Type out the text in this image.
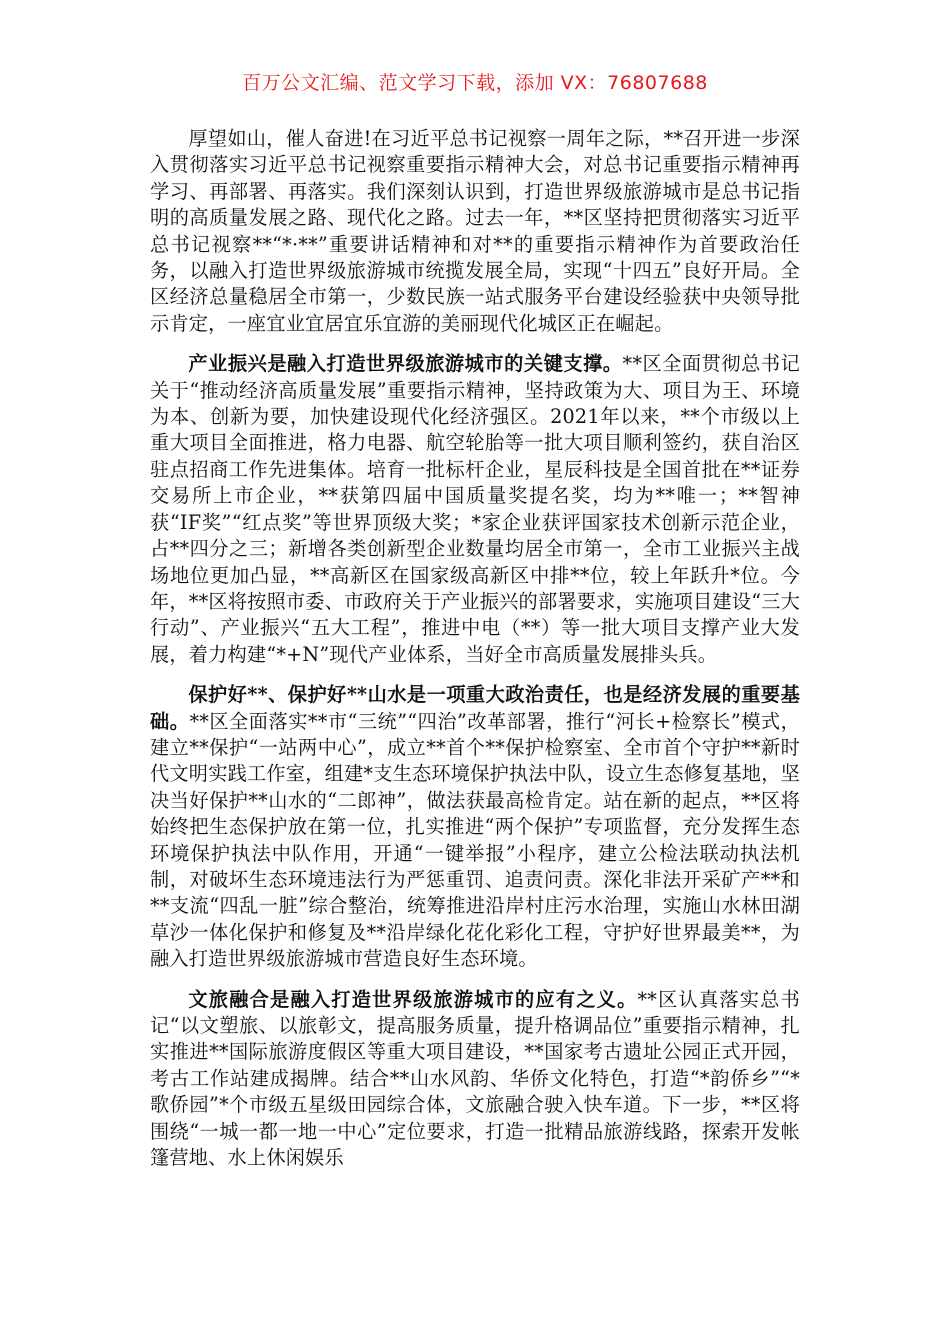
百万公文汇编、范文学习下载，添加 VX：76807688

厚望如山，催人奋进!在习近平总书记视察一周年之际，**召开进一步深入贯彻落实习近平总书记视察重要指示精神大会，对总书记重要指示精神再学习、再部署、再落实。我们深刻认识到，打造世界级旅游城市是总书记指明的高质量发展之路、现代化之路。过去一年，**区坚持把贯彻落实习近平总书记视察**“*·**”重要讲话精神和对**的重要指示精神作为首要政治任务，以融入打造世界级旅游城市统揽发展全局，实现“十四五”良好开局。全区经济总量稳居全市第一，少数民族一站式服务平台建设经验获中央领导批示肯定，一座宜业宜居宜乐宜游的美丽现代化城区正在崛起。

产业振兴是融入打造世界级旅游城市的关键支撑。**区全面贯彻总书记关于“推动经济高质量发展”重要指示精神，坚持政策为大、项目为王、环境为本、创新为要，加快建设现代化经济强区。2021年以来，**个市级以上重大项目全面推进，格力电器、航空轮胎等一批大项目顺利签约，获自治区驻点招商工作先进集体。培育一批标杆企业，星辰科技是全国首批在**证券交易所上市企业，**获第四届中国质量奖提名奖，均为**唯一；**智神获“IF奖”“红点奖”等世界顶级大奖；*家企业获评国家技术创新示范企业，占**四分之三；新增各类创新型企业数量均居全市第一，全市工业振兴主战场地位更加凸显，**高新区在国家级高新区中排**位，较上年跃升*位。今年，**区将按照市委、市政府关于产业振兴的部署要求，实施项目建设“三大行动”、产业振兴“五大工程”，推进中电（**）等一批大项目支撑产业大发展，着力构建“*+N”现代产业体系，当好全市高质量发展排头兵。

保护好**、保护好**山水是一项重大政治责任，也是经济发展的重要基础。**区全面落实**市“三统”“四治”改革部署，推行“河长+检察长”模式，建立**保护“一站两中心”，成立**首个**保护检察室、全市首个守护**新时代文明实践工作室，组建*支生态环境保护执法中队，设立生态修复基地，坚决当好保护**山水的“二郎神”，做法获最高检肯定。站在新的起点，**区将始终把生态保护放在第一位，扎实推进“两个保护”专项监督，充分发挥生态环境保护执法中队作用，开通“一键举报”小程序，建立公检法联动执法机制，对破坏生态环境违法行为严惩重罚、追责问责。深化非法开采矿产**和**支流“四乱一脏”综合整治，统筹推进沿岸村庄污水治理，实施山水林田湖草沙一体化保护和修复及**沿岸绿化花化彩化工程，守护好世界最美**，为融入打造世界级旅游城市营造良好生态环境。

文旅融合是融入打造世界级旅游城市的应有之义。**区认真落实总书记“以文塑旅、以旅彰文，提高服务质量，提升格调品位”重要指示精神，扎实推进**国际旅游度假区等重大项目建设，**国家考古遗址公园正式开园，考古工作站建成揭牌。结合**山水风韵、华侨文化特色，打造“*韵侨乡”“*歌侨园”*个市级五星级田园综合体，文旅融合驶入快车道。下一步，**区将围绕“一城一都一地一中心”定位要求，打造一批精品旅游线路，探索开发帐篷营地、水上休闲娱乐
